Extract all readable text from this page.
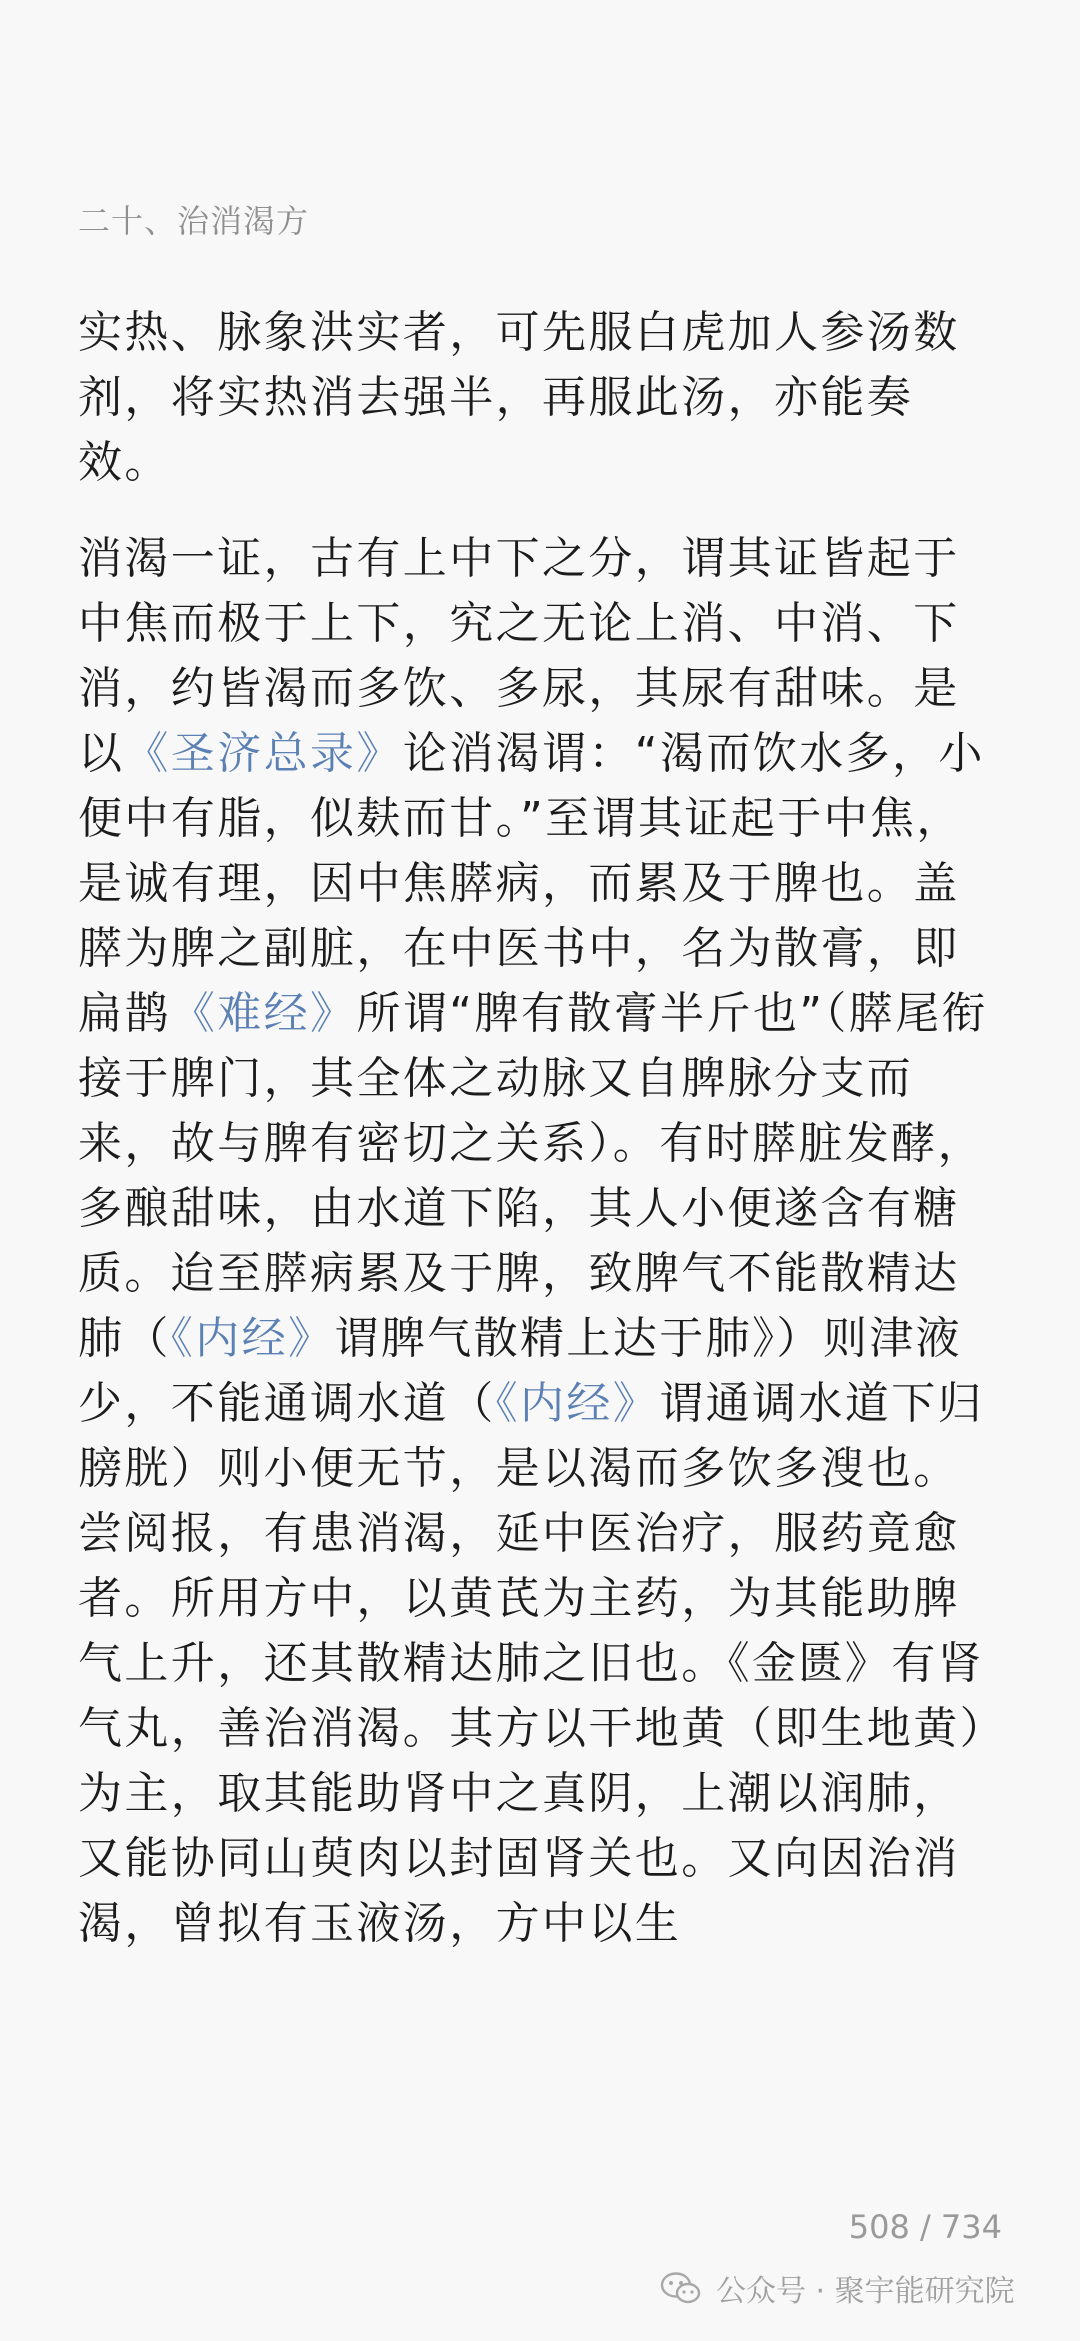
二十、治消渴方

实热、脉象洪实者，可先服白虎加人参汤数剂，将实热消去强半，再服此汤，亦能奏效。

消渴一证，古有上中下之分，谓其证皆起于中焦而极于上下，究之无论上消、中消、下消，约皆渴而多饮、多尿，其尿有甜味。是以《圣济总录》论消渴谓：“渴而饮水多，小便中有脂，似麸而甘。”至谓其证起于中焦，是诚有理，因中焦膵病，而累及于脾也。盖膵为脾之副脏，在中医书中，名为散膏，即扁鹊《难经》所谓“脾有散膏半斤也”（膵尾衔接于脾门，其全体之动脉又自脾脉分支而来，故与脾有密切之关系）。有时膵脏发酵，多酿甜味，由水道下陷，其人小便遂含有糖质。迨至膵病累及于脾，致脾气不能散精达肺（《内经》谓脾气散精上达于肺》）则津液少，不能通调水道（《内经》谓通调水道下归膀胱）则小便无节，是以渴而多饮多溲也。尝阅报，有患消渴，延中医治疗，服药竟愈者。所用方中，以黄芪为主药，为其能助脾气上升，还其散精达肺之旧也。《金匮》有肾气丸，善治消渴。其方以干地黄（即生地黄）为主，取其能助肾中之真阴，上潮以润肺，又能协同山萸肉以封固肾关也。又向因治消渴，曾拟有玉液汤，方中以生

508 / 734
公众号 · 聚宇能研究院
